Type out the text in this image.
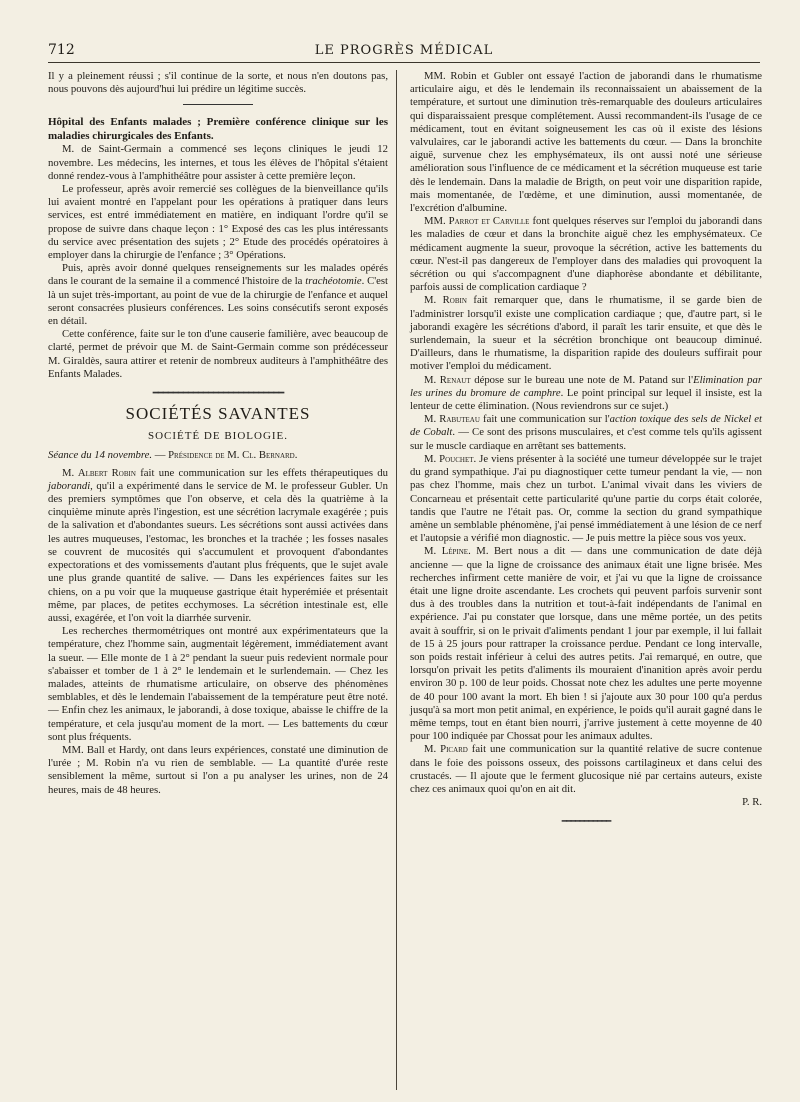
712	LE PROGRÈS MÉDICAL

Il y a pleinement réussi ; s'il continue de la sorte, et nous n'en doutons pas, nous pouvons dès aujourd'hui lui prédire un légitime succès.

Hôpital des Enfants malades ; Première conférence clinique sur les maladies chirurgicales des Enfants.

M. de Saint-Germain a commencé ses leçons cliniques le jeudi 12 novembre. Les médecins, les internes, et tous les élèves de l'hôpital s'étaient donné rendez-vous à l'amphithéâtre pour assister à cette première leçon.

Le professeur, après avoir remercié ses collègues de la bienveillance qu'ils lui avaient montré en l'appelant pour les opérations à pratiquer dans leurs services, est entré immédiatement en matière, en indiquant l'ordre qu'il se propose de suivre dans chaque leçon : 1° Exposé des cas les plus intéressants du service avec présentation des sujets ; 2° Etude des procédés opératoires à employer dans la chirurgie de l'enfance ; 3° Opérations.

Puis, après avoir donné quelques renseignements sur les malades opérés dans le courant de la semaine il a commencé l'histoire de la trachéotomie. C'est là un sujet très-important, au point de vue de la chirurgie de l'enfance et auquel seront consacrées plusieurs conférences. Les soins consécutifs seront exposés en détail.

Cette conférence, faite sur le ton d'une causerie familière, avec beaucoup de clarté, permet de prévoir que M. de Saint-Germain comme son prédécesseur M. Giraldès, saura attirer et retenir de nombreux auditeurs à l'amphithéâtre des Enfants Malades.

━━━━━━━━━━━━━━━━━━━━━━━━━━
SOCIÉTÉS SAVANTES
SOCIÉTÉ DE BIOLOGIE.

Séance du 14 novembre. — Présidence de M. Cl. Bernard.

M. Albert Robin fait une communication sur les effets thérapeutiques du jaborandi, qu'il a expérimenté dans le service de M. le professeur Gubler. Un des premiers symptômes que l'on observe, et cela dès la quatrième à la cinquième minute après l'ingestion, est une sécrétion lacrymale exagérée ; puis de la salivation et d'abondantes sueurs. Les sécrétions sont aussi activées dans les autres muqueuses, l'estomac, les bronches et la trachée ; les fosses nasales se couvrent de mucosités qui s'accumulent et provoquent d'abondantes expectorations et des vomissements d'autant plus fréquents, que le sujet avale une plus grande quantité de salive. — Dans les expériences faites sur les chiens, on a pu voir que la muqueuse gastrique était hyperémiée et présentait même, par places, de petites ecchymoses. La sécrétion intestinale est, elle aussi, exagérée, et l'on voit la diarrhée survenir.

Les recherches thermométriques ont montré aux expérimentateurs que la température, chez l'homme sain, augmentait légèrement, immédiatement avant la sueur. — Elle monte de 1 à 2° pendant la sueur puis redevient normale pour s'abaisser et tomber de 1 à 2° le lendemain et le surlendemain. — Chez les malades, atteints de rhumatisme articulaire, on observe des phénomènes semblables, et dès le lendemain l'abaissement de la température peut être noté. — Enfin chez les animaux, le jaborandi, à dose toxique, abaisse le chiffre de la température, et cela jusqu'au moment de la mort. — Les battements du cœur sont plus fréquents.

MM. Ball et Hardy, ont dans leurs expériences, constaté une diminution de l'urée ; M. Robin n'a vu rien de semblable. — La quantité d'urée reste sensiblement la même, surtout si l'on a pu analyser les urines, non de 24 heures, mais de 48 heures.

MM. Robin et Gubler ont essayé l'action de jaborandi dans le rhumatisme articulaire aigu, et dès le lendemain ils reconnaissaient un abaissement de la température, et surtout une diminution très-remarquable des douleurs articulaires qui disparaissaient presque complétement. Aussi recommandent-ils l'usage de ce médicament, tout en évitant soigneusement les cas où il existe des lésions valvulaires, car le jaborandi active les battements du cœur. — Dans la bronchite aiguë, survenue chez les emphysémateux, ils ont aussi noté une sérieuse amélioration sous l'influence de ce médicament et la sécrétion muqueuse est tarie dès le lendemain. Dans la maladie de Brigth, on peut voir une disparition rapide, mais momentanée, de l'œdème, et une diminution, aussi momentanée, de l'excrétion d'albumine.

MM. Parrot et Carville font quelques réserves sur l'emploi du jaborandi dans les maladies de cœur et dans la bronchite aiguë chez les emphysémateux. Ce médicament augmente la sueur, provoque la sécrétion, active les battements du cœur. N'est-il pas dangereux de l'employer dans des maladies qui provoquent la sécrétion ou qui s'accompagnent d'une diaphorèse abondante et débilitante, parfois aussi de complication cardiaque ?

M. Robin fait remarquer que, dans le rhumatisme, il se garde bien de l'administrer lorsqu'il existe une complication cardiaque ; que, d'autre part, si le jaborandi exagère les sécrétions d'abord, il paraît les tarir ensuite, et que dès le surlendemain, la sueur et la sécrétion bronchique ont beaucoup diminué. D'ailleurs, dans le rhumatisme, la disparition rapide des douleurs suffirait pour motiver l'emploi du médicament.

M. Renaut dépose sur le bureau une note de M. Patand sur l'Elimination par les urines du bromure de camphre. Le point principal sur lequel il insiste, est la lenteur de cette élimination. (Nous reviendrons sur ce sujet.)

M. Rabuteau fait une communication sur l'action toxique des sels de Nickel et de Cobalt. — Ce sont des prisons musculaires, et c'est comme tels qu'ils agissent sur le muscle cardiaque en arrêtant ses battements.

M. Pouchet. Je viens présenter à la société une tumeur développée sur le trajet du grand sympathique. J'ai pu diagnostiquer cette tumeur pendant la vie, — non pas chez l'homme, mais chez un turbot. L'animal vivait dans les viviers de Concarneau et présentait cette particularité qu'une partie du corps était colorée, tandis que l'autre ne l'était pas. Or, comme la section du grand sympathique amène un semblable phénomène, j'ai pensé immédiatement à une lésion de ce nerf et l'autopsie a vérifié mon diagnostic. — Je puis mettre la pièce sous vos yeux.

M. Lépine. M. Bert nous a dit — dans une communication de date déjà ancienne — que la ligne de croissance des animaux était une ligne brisée. Mes recherches infirment cette manière de voir, et j'ai vu que la ligne de croissance était une ligne droite ascendante. Les crochets qui peuvent parfois survenir sont dus à des troubles dans la nutrition et tout-à-fait indépendants de l'animal en expérience. J'ai pu constater que lorsque, dans une même portée, un des petits avait à souffrir, si on le privait d'aliments pendant 1 jour par exemple, il lui fallait de 15 à 25 jours pour rattraper la croissance perdue. Pendant ce long intervalle, son poids restait inférieur à celui des autres petits. J'ai remarqué, en outre, que lorsqu'on privait les petits d'aliments ils mouraient d'inanition après avoir perdu environ 30 p. 100 de leur poids. Chossat note chez les adultes une perte moyenne de 40 pour 100 avant la mort. Eh bien ! si j'ajoute aux 30 pour 100 qu'a perdus jusqu'à sa mort mon petit animal, en expérience, le poids qu'il aurait gagné dans le même temps, tout en étant bien nourri, j'arrive justement à cette moyenne de 40 pour 100 indiquée par Chossat pour les animaux adultes.

M. Picard fait une communication sur la quantité relative de sucre contenue dans le foie des poissons osseux, des poissons cartilagineux et dans celui des crustacés. — Il ajoute que le ferment glucosique nié par certains auteurs, existe chez ces animaux quoi qu'on en ait dit.

P. R.

━━━━━━━━━━━
